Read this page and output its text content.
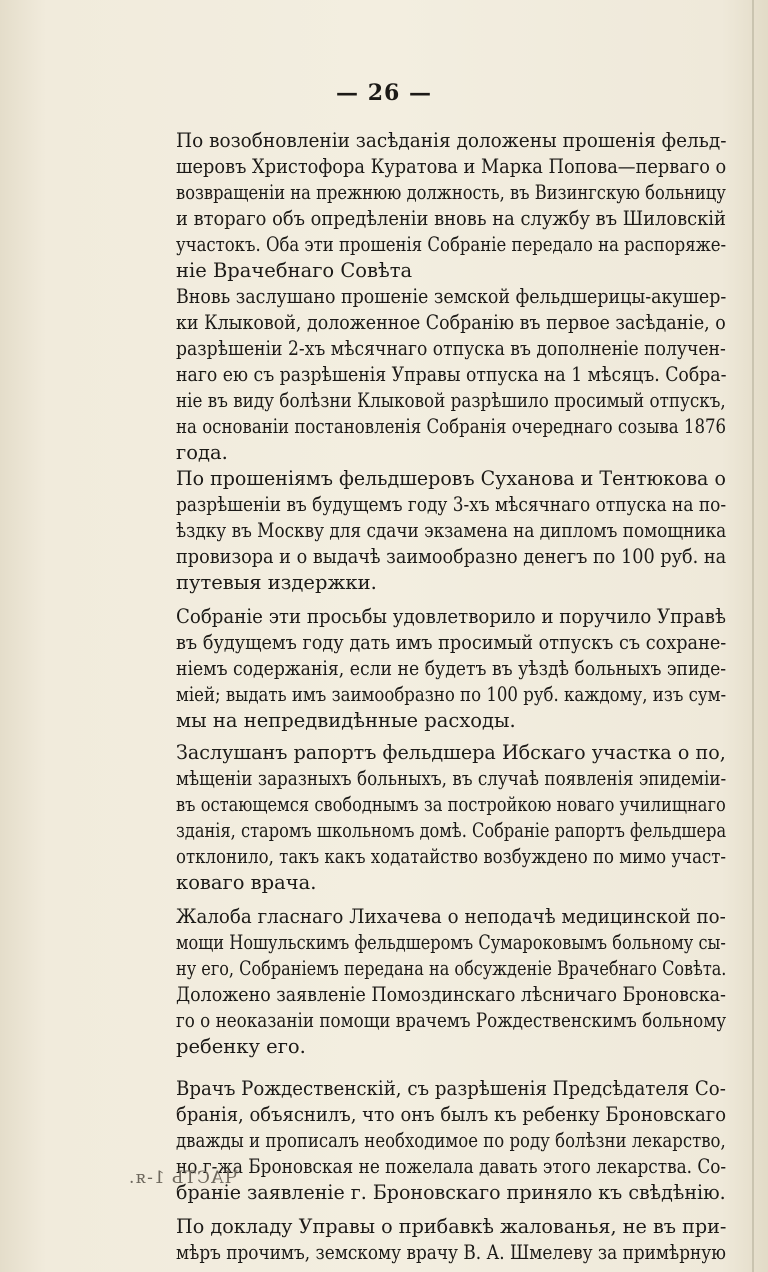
— 26 —

По возобновленіи засѣданія доложены прошенія фельд-
шеровъ Христофора Куратова и Марка Попова—перваго о
возвращеніи на прежнюю должность, въ Визингскую больницу
и втораго объ опредѣленіи вновь на службу въ Шиловскій
участокъ. Оба эти прошенія Собраніе передало на распоряже-
ніе Врачебнаго Совѣта

Вновь заслушано прошеніе земской фельдшерицы-акушер-
ки Клыковой, доложенное Собранію въ первое засѣданіе, о
разрѣшеніи 2-хъ мѣсячнаго отпуска въ дополненіе получен-
наго ею съ разрѣшенія Управы отпуска на 1 мѣсяцъ. Собра-
ніе въ виду болѣзни Клыковой разрѣшило просимый отпускъ,
на основаніи постановленія Собранія очереднаго созыва 1876
года.

По прошеніямъ фельдшеровъ Суханова и Тентюкова о
разрѣшеніи въ будущемъ году 3-хъ мѣсячнаго отпуска на по-
ѣздку въ Москву для сдачи экзамена на дипломъ помощника
провизора и о выдачѣ заимообразно денегъ по 100 руб. на
путевыя издержки.

Собраніе эти просьбы удовлетворило и поручило Управѣ
въ будущемъ году дать имъ просимый отпускъ съ сохране-
ніемъ содержанія, если не будетъ въ уѣздѣ больныхъ эпиде-
міей; выдать имъ заимообразно по 100 руб. каждому, изъ сум-
мы на непредвидѣнные расходы.

Заслушанъ рапортъ фельдшера Ибскаго участка о по,
мѣщеніи заразныхъ больныхъ, въ случаѣ появленія эпидеміи-
въ остающемся свободнымъ за постройкою новаго училищнаго
зданія, старомъ школьномъ домѣ. Собраніе рапортъ фельдшера
отклонило, такъ какъ ходатайство возбуждено по мимо участ-
коваго врача.

Жалоба гласнаго Лихачева о неподачѣ медицинской по-
мощи Ношульскимъ фельдшеромъ Сумароковымъ больному сы-
ну его, Собраніемъ передана на обсужденіе Врачебнаго Совѣта.

Доложено заявленіе Помоздинскаго лѣсничаго Броновска-
го о неоказаніи помощи врачемъ Рождественскимъ больному
ребенку его.

Врачъ Рождественскій, съ разрѣшенія Предсѣдателя Со-
бранія, объяснилъ, что онъ былъ къ ребенку Броновскаго
дважды и прописалъ необходимое по роду болѣзни лекарство,
но г-жа Броновская не пожелала давать этого лекарства. Со-
браніе заявленіе г. Броновскаго приняло къ свѣдѣнію.

По докладу Управы о прибавкѣ жалованья, не въ при-
мѣръ прочимъ, земскому врачу В. А. Шмелеву за примѣрную

ЧАСТЬ 1-я.
